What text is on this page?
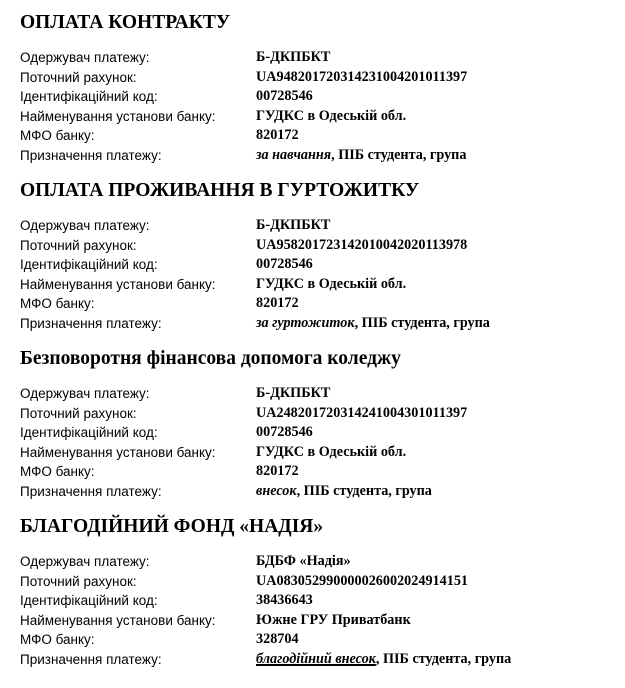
ОПЛАТА КОНТРАКТУ
Одержувач платежу:	Б-ДКПБКТ
Поточний рахунок:	UA948201720314231004201011397
Ідентифікаційний код:	00728546
Найменування установи банку:	ГУДКС в Одеській обл.
МФО банку:	820172
Призначення платежу:	за навчання, ПІБ студента, група
ОПЛАТА ПРОЖИВАННЯ В ГУРТОЖИТКУ
Одержувач платежу:	Б-ДКПБКТ
Поточний рахунок:	UA958201723142010042020113978
Ідентифікаційний код:	00728546
Найменування установи банку:	ГУДКС в Одеській обл.
МФО банку:	820172
Призначення платежу:	за гуртожиток, ПІБ студента, група
Безповоротня фінансова допомога коледжу
Одержувач платежу:	Б-ДКПБКТ
Поточний рахунок:	UA248201720314241004301011397
Ідентифікаційний код:	00728546
Найменування установи банку:	ГУДКС в Одеській обл.
МФО банку:	820172
Призначення платежу:	внесок, ПІБ студента, група
БЛАГОДІЙНИЙ ФОНД «НАДІЯ»
Одержувач платежу:	БДБФ «Надія»
Поточний рахунок:	UA083052990000026002024914151
Ідентифікаційний код:	38436643
Найменування установи банку:	Южне ГРУ Приватбанк
МФО банку:	328704
Призначення платежу:	благодійний внесок, ПІБ студента, група
